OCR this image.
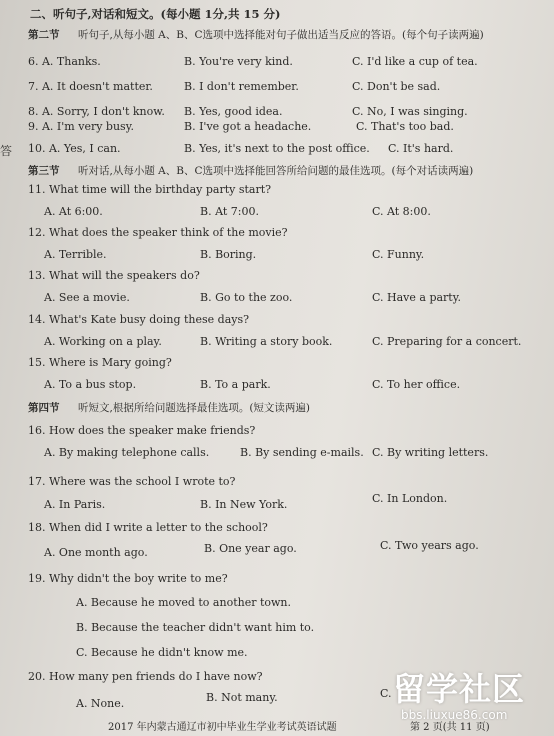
答
二、听句子,对话和短文。(每小题 1分,共 15 分)
第二节 听句子,从每小题 A、B、C选项中选择能对句子做出适当反应的答语。(每个句子读两遍)
6. A. Thanks.	B. You're very kind.	C. I'd like a cup of tea.
7. A. It doesn't matter.	B. I don't remember.	C. Don't be sad.
8. A. Sorry, I don't know. B. Yes, good idea.	C. No, I was singing.
9. A. I'm very busy.	B. I've got a headache.	C. That's too bad.
10. A. Yes, I can.	B. Yes, it's next to the post office. C. It's hard.
第三节 听对话,从每小题 A、B、C选项中选择能回答所给问题的最佳选项。(每个对话读两遍)
11. What time will the birthday party start?
A. At 6:00.	B. At 7:00.	C. At 8:00.
12. What does the speaker think of the movie?
A. Terrible.	B. Boring.	C. Funny.
13. What will the speakers do?
A. See a movie.	B. Go to the zoo.	C. Have a party.
14. What's Kate busy doing these days?
A. Working on a play.	B. Writing a story book.	C. Preparing for a concert.
15. Where is Mary going?
A. To a bus stop.	B. To a park.	C. To her office.
第四节 听短文,根据所给问题选择最佳选项。(短文读两遍)
16. How does the speaker make friends?
A. By making telephone calls.	B. By sending e-mails. C. By writing letters.
17. Where was the school I wrote to?
A. In Paris.	B. In New York.	C. In London.
18. When did I write a letter to the school?
A. One month ago.	B. One year ago.	C. Two years ago.
19. Why didn't the boy write to me?
A. Because he moved to another town.
B. Because the teacher didn't want him to.
C. Because he didn't know me.
20. How many pen friends do I have now?
A. None.	B. Not many.	C.
2017 年内蒙古通辽市初中毕业生学业考试英语试题	第 2 页(共 11 页)
留学社区
bbs.liuxue86.com
